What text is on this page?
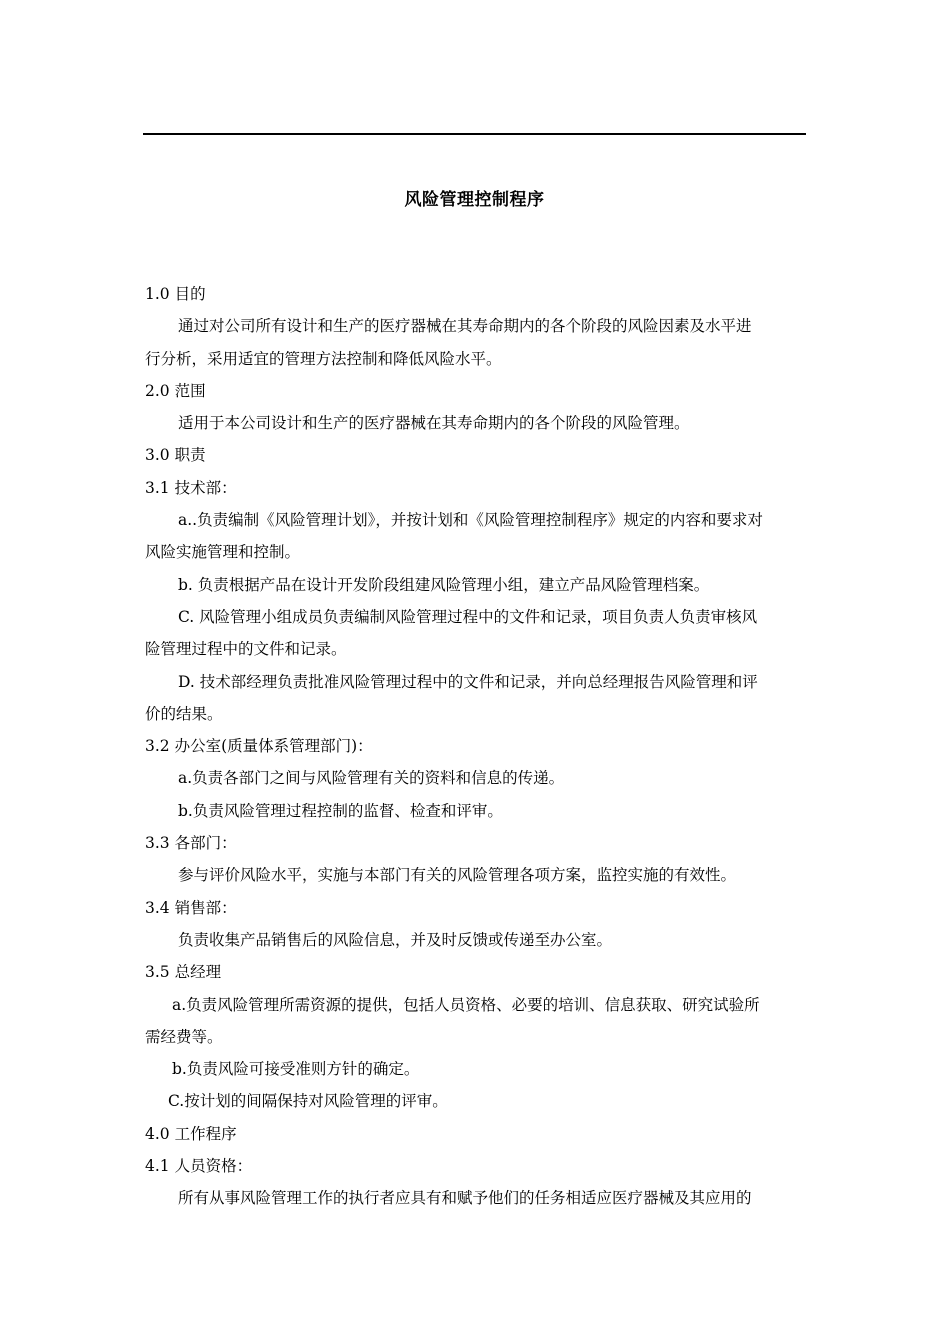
风险管理控制程序
1.0 目的
通过对公司所有设计和生产的医疗器械在其寿命期内的各个阶段的风险因素及水平进
行分析，采用适宜的管理方法控制和降低风险水平。
2.0 范围
适用于本公司设计和生产的医疗器械在其寿命期内的各个阶段的风险管理。
3.0 职责
3.1 技术部：
a..负责编制《风险管理计划》，并按计划和《风险管理控制程序》规定的内容和要求对
风险实施管理和控制。
b. 负责根据产品在设计开发阶段组建风险管理小组，建立产品风险管理档案。
C. 风险管理小组成员负责编制风险管理过程中的文件和记录，项目负责人负责审核风
险管理过程中的文件和记录。
D. 技术部经理负责批准风险管理过程中的文件和记录，并向总经理报告风险管理和评
价的结果。
3.2 办公室(质量体系管理部门)：
a.负责各部门之间与风险管理有关的资料和信息的传递。
b.负责风险管理过程控制的监督、检查和评审。
3.3 各部门：
参与评价风险水平，实施与本部门有关的风险管理各项方案，监控实施的有效性。
3.4 销售部：
负责收集产品销售后的风险信息，并及时反馈或传递至办公室。
3.5 总经理
a.负责风险管理所需资源的提供，包括人员资格、必要的培训、信息获取、研究试验所
需经费等。
b.负责风险可接受准则方针的确定。
C.按计划的间隔保持对风险管理的评审。
4.0 工作程序
4.1 人员资格：
所有从事风险管理工作的执行者应具有和赋予他们的任务相适应医疗器械及其应用的
